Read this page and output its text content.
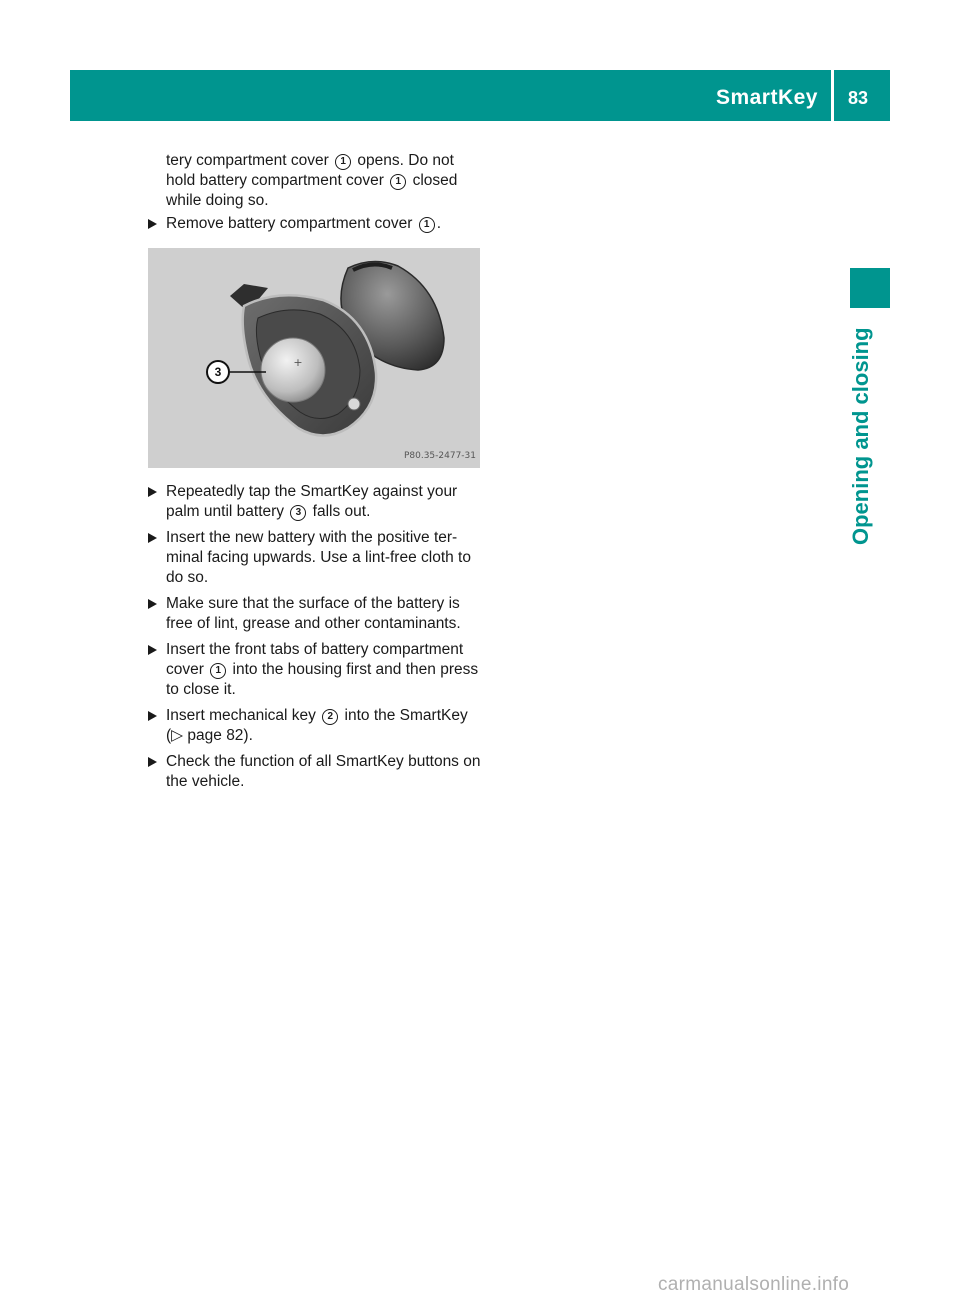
SmartKey 83
Opening and closing

tery compartment cover 1 opens. Do not hold battery compartment cover 1 closed while doing so.

Remove battery compartment cover 1 .
+
3
P80.35-2477-31
Repeatedly tap the SmartKey against your palm until battery 3 falls out.
Insert the new battery with the positive ter-minal facing upwards. Use a lint-free cloth to do so.
Make sure that the surface of the battery is free of lint, grease and other contaminants.
Insert the front tabs of battery compartment cover 1 into the housing first and then press to close it.
Insert mechanical key 2 into the SmartKey (▷ page 82).
Check the function of all SmartKey buttons on the vehicle.
carmanualsonline.info
